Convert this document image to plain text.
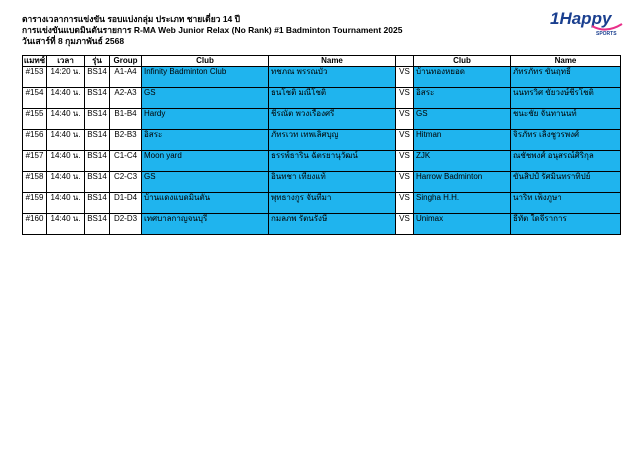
ตารางเวลาการแข่งขัน รอบแบ่งกลุ่ม ประเภท ชายเดี่ยว 14 ปี
การแข่งขันแบดมินตันรายการ R-MA Web Junior Relax (No Rank) #1 Badminton Tournament 2025
วันเสาร์ที่ 8 กุมภาพันธ์ 2568
1Happy
SPORTS
แมทช์	เวลา	รุ่น	Group	Club	Name		Club	Name
#153	14:20 น.	BS14	A1-A4	Infinity Badminton Club	ทชภณ พรรณบัว	VS	บ้านทองหยอด	ภัทรภัทร ขันฤทธิ์
#154	14:40 น.	BS14	A2-A3	GS	ธนโชติ มณีโชติ	VS	อิสระ	นนทรวิศ ขัยวงษ์ชีรโชติ
#155	14:40 น.	BS14	B1-B4	Hardy	ชีรณัต พวงเรืองศรี	VS	GS	ชนะชัย จันทานนท์
#156	14:40 น.	BS14	B2-B3	อิสระ	ภัทรเวท เทพเลิศบุญ	VS	Hitman	จิรภัทร เลิ้งชูวรพงศ์
#157	14:40 น.	BS14	C1-C4	Moon yard	ธรรพ์ธาริน ฉัตรยานุวัฒน์	VS	ZJK	ณชัชพงศ์ อนุสรณ์ศิริกุล
#158	14:40 น.	BS14	C2-C3	GS	อินทชา เทียงแท้	VS	Harrow Badminton	ขันสิปป์ รัศมินทราทิปย์
#159	14:40 น.	BS14	D1-D4	บ้านแดงแบดมินตัน	พุทธางกูร จันทีมา	VS	Singha H.H.	นาริท เพ็งภูษา
#160	14:40 น.	BS14	D2-D3	เทศบาลกาญจนบุรี	กมลภพ รัตนรังษี	VS	Unimax	ธีทัต ใดจีราการ
